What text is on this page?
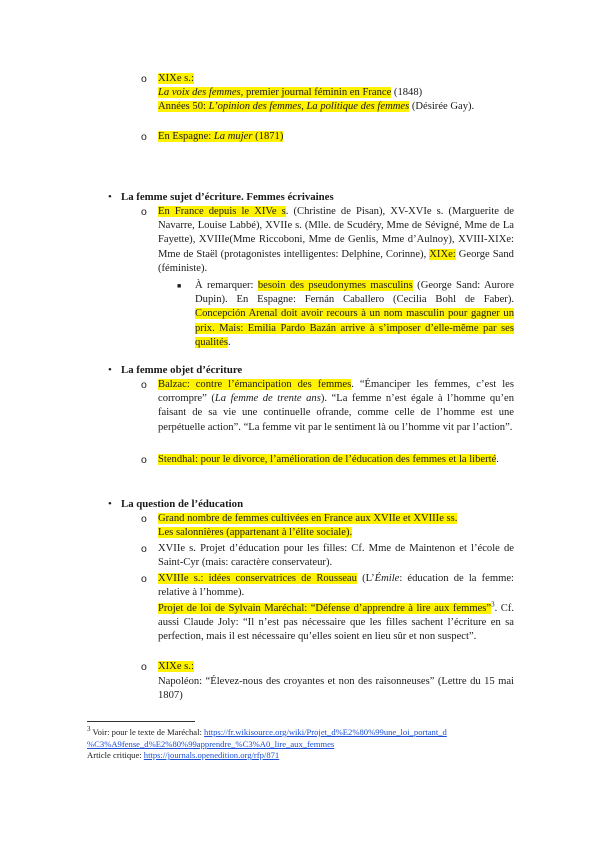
o XIXe s.:
La voix des femmes, premier journal féminin en France (1848)
Années 50: L’opinion des femmes, La politique des femmes (Désirée Gay).
o En Espagne: La mujer (1871)
• La femme sujet d’écriture. Femmes écrivaines
o En France depuis le XIVe s. (Christine de Pisan), XV-XVIe s. (Marguerite de Navarre, Louise Labbé), XVIIe s. (Mlle. de Scudéry, Mme de Sévigné, Mme de La Fayette), XVIIIe(Mme Riccoboni, Mme de Genlis, Mme d’Aulnoy), XVIII-XIXe: Mme de Staël (protagonistes intelligentes: Delphine, Corinne), XIXe: George Sand (féministe).
■ À remarquer: besoin des pseudonymes masculins (George Sand: Aurore Dupin). En Espagne: Fernán Caballero (Cecilia Bohl de Faber). Concepción Arenal doit avoir recours à un nom masculin pour gagner un prix. Mais: Emilia Pardo Bazán arrive à s’imposer d’elle-même par ses qualités.
• La femme objet d’écriture
o Balzac: contre l’émancipation des femmes. “Émanciper les femmes, c’est les corrompre” (La femme de trente ans). “La femme n’est égale à l’homme qu’en faisant de sa vie une continuelle ofrande, comme celle de l’homme est une perpétuelle action”. “La femme vit par le sentiment là ou l’homme vit par l’action”.
o Stendhal: pour le divorce, l’amélioration de l’éducation des femmes et la liberté.
• La question de l’éducation
o Grand nombre de femmes cultivées en France aux XVIIe et XVIIIe ss.
Les salonnières (appartenant à l’élite sociale).
o XVIIe s. Projet d’éducation pour les filles: Cf. Mme de Maintenon et l’école de Saint-Cyr (mais: caractère conservateur).
o XVIIIe s.: idées conservatrices de Rousseau (L’Émile: éducation de la femme: relative à l’homme).
Projet de loi de Sylvain Maréchal: “Défense d’apprendre à lire aux femmes”$^3$. Cf. aussi Claude Joly: “Il n’est pas nécessaire que les filles sachent l’écriture en sa perfection, mais il est nécessaire qu’elles soient en lieu sûr et non suspect”.
o XIXe s.:
Napoléon: “Élevez-nous des croyantes et non des raisonneuses” (Lettre du 15 mai 1807)
$^3$ Voir: pour le texte de Maréchal: https://fr.wikisource.org/wiki/Projet_d%E2%80%99une_loi_portant_d
%C3%A9fense_d%E2%80%99apprendre_%C3%A0_lire_aux_femmes
Article critique: https://journals.openedition.org/rfp/871
